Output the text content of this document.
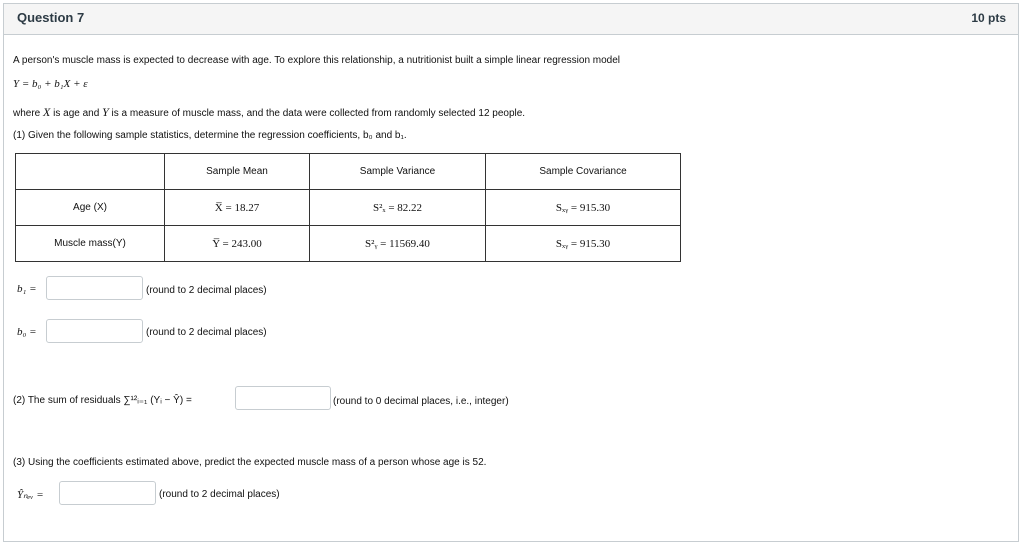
Question 7	10 pts
A person's muscle mass is expected to decrease with age. To explore this relationship, a nutritionist built a simple linear regression model
Y = b₀ + b₁X + ε
where X is age and Y is a measure of muscle mass, and the data were collected from randomly selected 12 people.
(1) Given the following sample statistics, determine the regression coefficients, b₀ and b₁.
	Sample Mean	Sample Variance	Sample Covariance
Age (X)	X̅ = 18.27	S²ₓ = 82.22	Sₓᵧ = 915.30
Muscle mass(Y)	Y̅ = 243.00	S²ᵧ = 11569.40	Sₓᵧ = 915.30
b₁ =	(round to 2 decimal places)
b₀ =	(round to 2 decimal places)
(2) The sum of residuals ∑¹²ᵢ₌₁ (Yᵢ − Ŷ) =	(round to 0 decimal places, i.e., integer)
(3) Using the coefficients estimated above, predict the expected muscle mass of a person whose age is 52.
Ŷₙₑᵥ =	(round to 2 decimal places)
